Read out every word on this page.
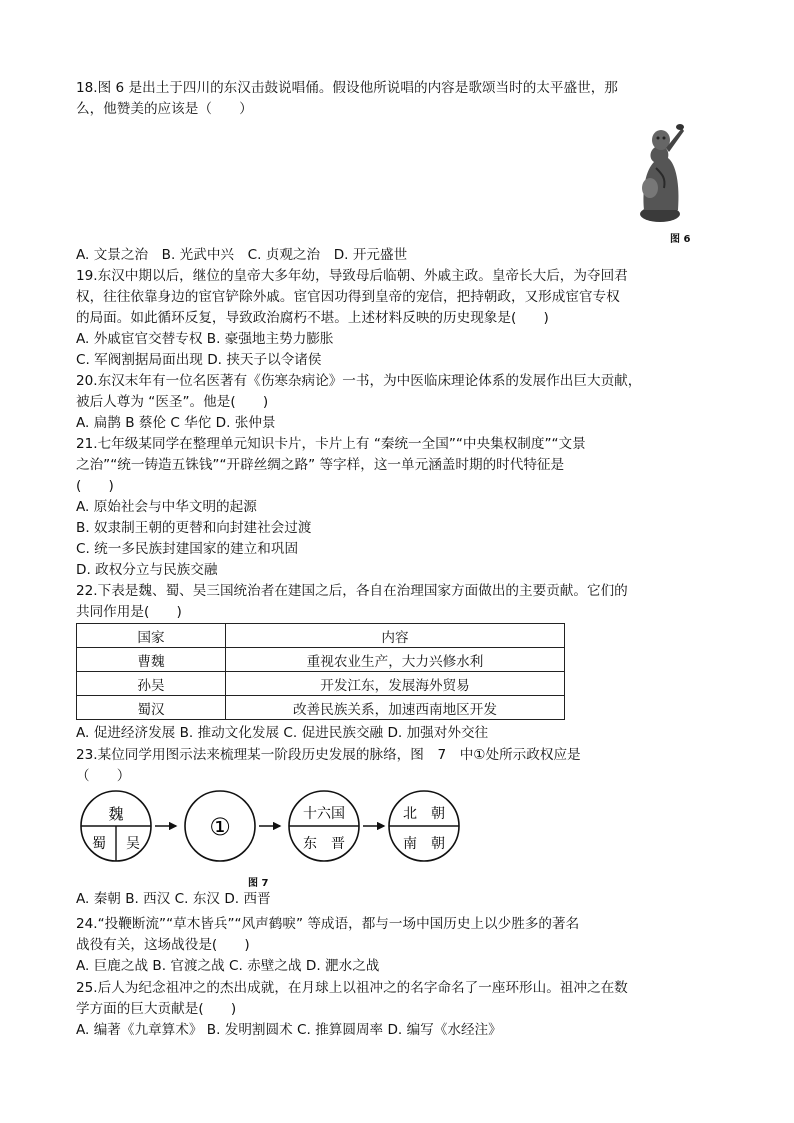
18.图 6 是出土于四川的东汉击鼓说唱俑。假设他所说唱的内容是歌颂当时的太平盛世，那
么，他赞美的应该是（　　）
图 6
A. 文景之治　B. 光武中兴　C. 贞观之治　D. 开元盛世
19.东汉中期以后，继位的皇帝大多年幼，导致母后临朝、外戚主政。皇帝长大后，为夺回君
权，往往依靠身边的宦官铲除外戚。宦官因功得到皇帝的宠信，把持朝政，又形成宦官专权
的局面。如此循环反复，导致政治腐朽不堪。上述材料反映的历史现象是(　　)
A. 外戚宦官交替专权 B. 豪强地主势力膨胀
C. 军阀割据局面出现 D. 挟天子以令诸侯
20.东汉末年有一位名医著有《伤寒杂病论》一书，为中医临床理论体系的发展作出巨大贡献，
被后人尊为 “医圣”。他是(　　)
A. 扁鹊 B 蔡伦 C 华佗 D. 张仲景
21.七年级某同学在整理单元知识卡片，卡片上有 “秦统一全国”“中央集权制度”“文景
之治”“统一铸造五铢钱”“开辟丝绸之路” 等字样，这一单元涵盖时期的时代特征是
(　　)
A. 原始社会与中华文明的起源
B. 奴隶制王朝的更替和向封建社会过渡
C. 统一多民族封建国家的建立和巩固
D. 政权分立与民族交融
22.下表是魏、蜀、吴三国统治者在建国之后，各自在治理国家方面做出的主要贡献。它们的
共同作用是(　　)
国家	内容
曹魏	重视农业生产，大力兴修水利
孙吴	开发江东，发展海外贸易
蜀汉	改善民族关系，加速西南地区开发
A. 促进经济发展 B. 推动文化发展 C. 促进民族交融 D. 加强对外交往
23.某位同学用图示法来梳理某一阶段历史发展的脉络，图　7　中①处所示政权应是
（　　）
魏
蜀 吴
①	十六国
东　晋
北　朝
南　朝
图 7
A. 秦朝 B. 西汉 C. 东汉 D. 西晋
24.“投鞭断流”“草木皆兵”“风声鹤唳” 等成语，都与一场中国历史上以少胜多的著名
战役有关，这场战役是(　　)
A. 巨鹿之战 B. 官渡之战 C. 赤壁之战 D. 淝水之战
25.后人为纪念祖冲之的杰出成就，在月球上以祖冲之的名字命名了一座环形山。祖冲之在数
学方面的巨大贡献是(　　)
A. 编著《九章算术》 B. 发明割圆术 C. 推算圆周率 D. 编写《水经注》
